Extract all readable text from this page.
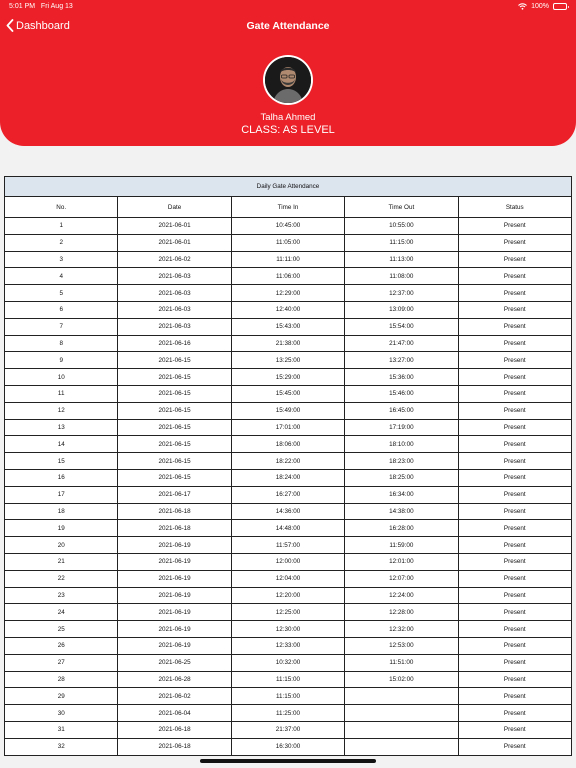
5:01 PM Fri Aug 13	100%
Dashboard	Gate Attendance
Talha Ahmed
CLASS: AS LEVEL
Daily Gate Attendance				
No.	Date	Time In	Time Out	Status
1	2021-06-01	10:45:00	10:55:00	Present
2	2021-06-01	11:05:00	11:15:00	Present
3	2021-06-02	11:11:00	11:13:00	Present
4	2021-06-03	11:06:00	11:08:00	Present
5	2021-06-03	12:29:00	12:37:00	Present
6	2021-06-03	12:40:00	13:09:00	Present
7	2021-06-03	15:43:00	15:54:00	Present
8	2021-06-16	21:38:00	21:47:00	Present
9	2021-06-15	13:25:00	13:27:00	Present
10	2021-06-15	15:29:00	15:36:00	Present
11	2021-06-15	15:45:00	15:46:00	Present
12	2021-06-15	15:49:00	16:45:00	Present
13	2021-06-15	17:01:00	17:19:00	Present
14	2021-06-15	18:06:00	18:10:00	Present
15	2021-06-15	18:22:00	18:23:00	Present
16	2021-06-15	18:24:00	18:25:00	Present
17	2021-06-17	16:27:00	16:34:00	Present
18	2021-06-18	14:36:00	14:38:00	Present
19	2021-06-18	14:48:00	16:28:00	Present
20	2021-06-19	11:57:00	11:59:00	Present
21	2021-06-19	12:00:00	12:01:00	Present
22	2021-06-19	12:04:00	12:07:00	Present
23	2021-06-19	12:20:00	12:24:00	Present
24	2021-06-19	12:25:00	12:28:00	Present
25	2021-06-19	12:30:00	12:32:00	Present
26	2021-06-19	12:33:00	12:53:00	Present
27	2021-06-25	10:32:00	11:51:00	Present
28	2021-06-28	11:15:00	15:02:00	Present
29	2021-06-02	11:15:00		Present
30	2021-06-04	11:25:00		Present
31	2021-06-18	21:37:00		Present
32	2021-06-18	16:30:00		Present
